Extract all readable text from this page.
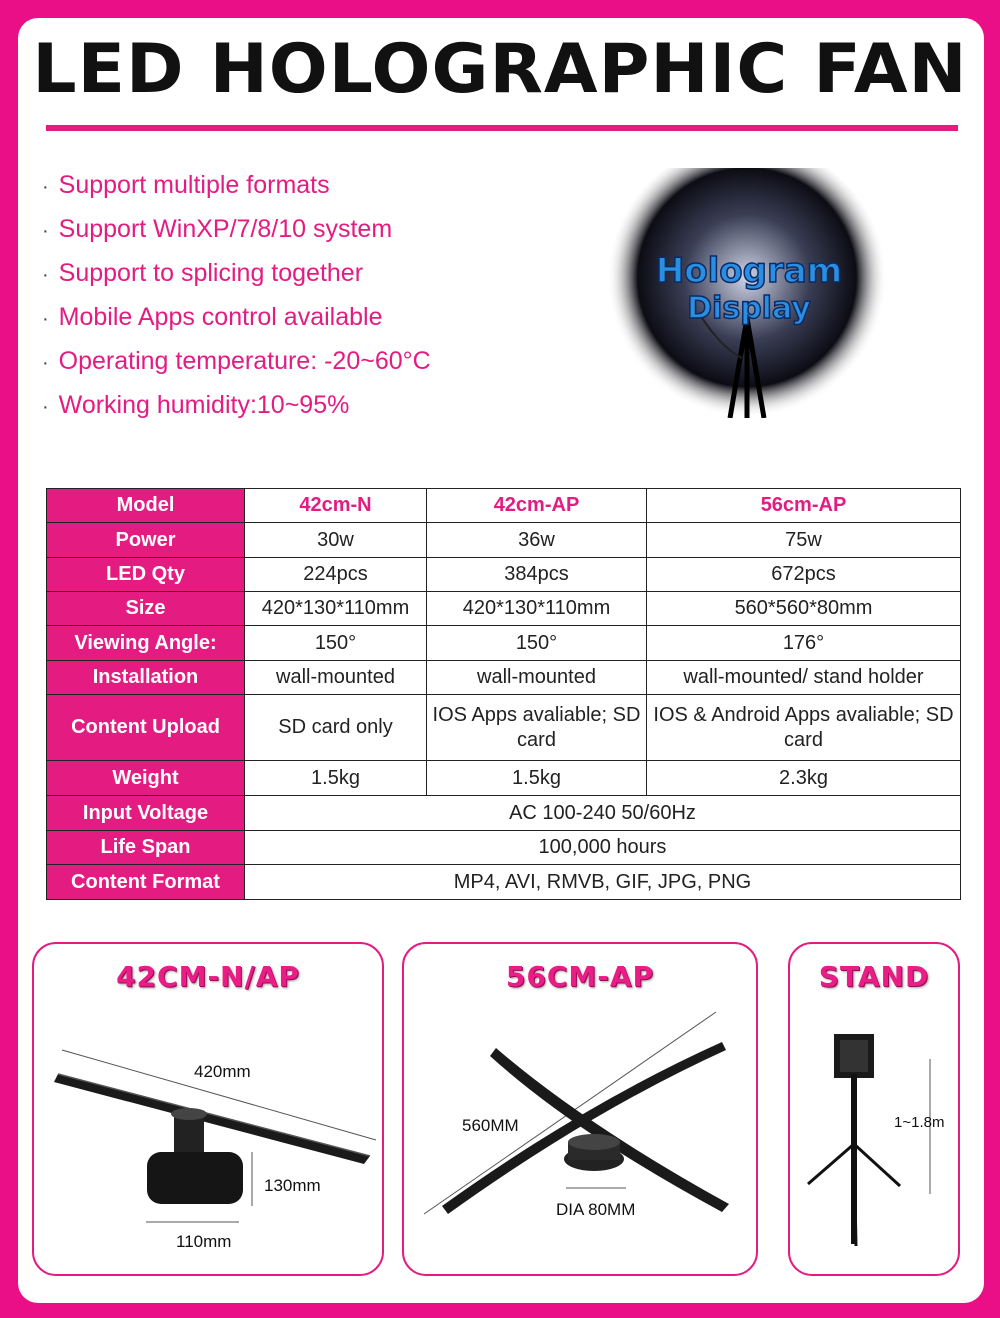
LED HOLOGRAPHIC FAN
· Support multiple formats
· Support WinXP/7/8/10 system
· Support to splicing together
· Mobile Apps control available
· Operating temperature: -20~60°C
· Working humidity:10~95%
Hologram
Display
Model	42cm-N	42cm-AP	56cm-AP
Power	30w	36w	75w
LED Qty	224pcs	384pcs	672pcs
Size	420*130*110mm	420*130*110mm	560*560*80mm
Viewing Angle:	150°	150°	176°
Installation	wall-mounted	wall-mounted	wall-mounted/ stand holder
Content Upload	SD card only	IOS Apps avaliable; SD card	IOS & Android Apps avaliable; SD card
Weight	1.5kg	1.5kg	2.3kg
Input Voltage	AC 100-240 50/60Hz		
Life Span	100,000 hours		
Content Format	MP4, AVI, RMVB, GIF, JPG, PNG		
42CM-N/AP
420mm
130mm
110mm
56CM-AP
560MM
DIA 80MM
STAND
1~1.8m
